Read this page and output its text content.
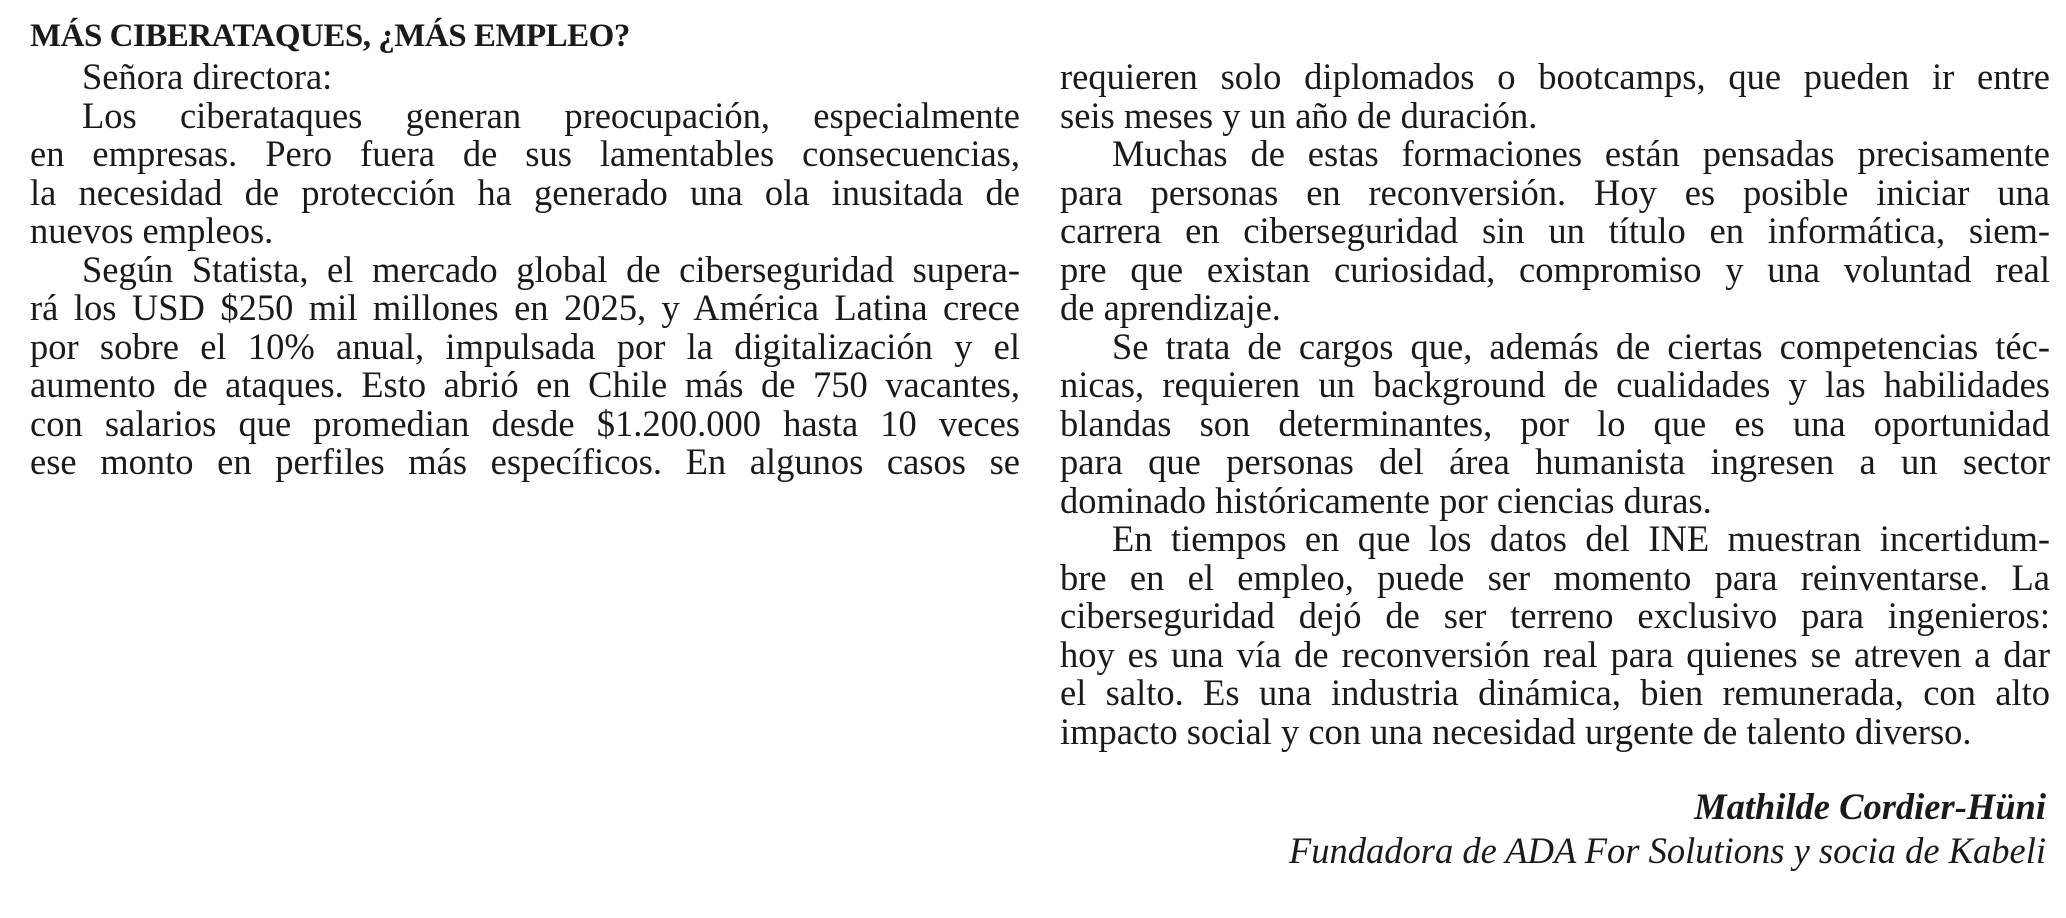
MÁS CIBERATAQUES, ¿MÁS EMPLEO?
Señora directora:
Los ciberataques generan preocupación, especialmente
en empresas. Pero fuera de sus lamentables consecuencias,
la necesidad de protección ha generado una ola inusitada de
nuevos empleos.
Según Statista, el mercado global de ciberseguridad supera-
rá los USD $250 mil millones en 2025, y América Latina crece
por sobre el 10% anual, impulsada por la digitalización y el
aumento de ataques. Esto abrió en Chile más de 750 vacantes,
con salarios que promedian desde $1.200.000 hasta 10 veces
ese monto en perfiles más específicos. En algunos casos se
requieren solo diplomados o bootcamps, que pueden ir entre
seis meses y un año de duración.
Muchas de estas formaciones están pensadas precisamente
para personas en reconversión. Hoy es posible iniciar una
carrera en ciberseguridad sin un título en informática, siem-
pre que existan curiosidad, compromiso y una voluntad real
de aprendizaje.
Se trata de cargos que, además de ciertas competencias téc-
nicas, requieren un background de cualidades y las habilidades
blandas son determinantes, por lo que es una oportunidad
para que personas del área humanista ingresen a un sector
dominado históricamente por ciencias duras.
En tiempos en que los datos del INE muestran incertidum-
bre en el empleo, puede ser momento para reinventarse. La
ciberseguridad dejó de ser terreno exclusivo para ingenieros:
hoy es una vía de reconversión real para quienes se atreven a dar
el salto. Es una industria dinámica, bien remunerada, con alto
impacto social y con una necesidad urgente de talento diverso.
Mathilde Cordier-Hüni
Fundadora de ADA For Solutions y socia de Kabeli
